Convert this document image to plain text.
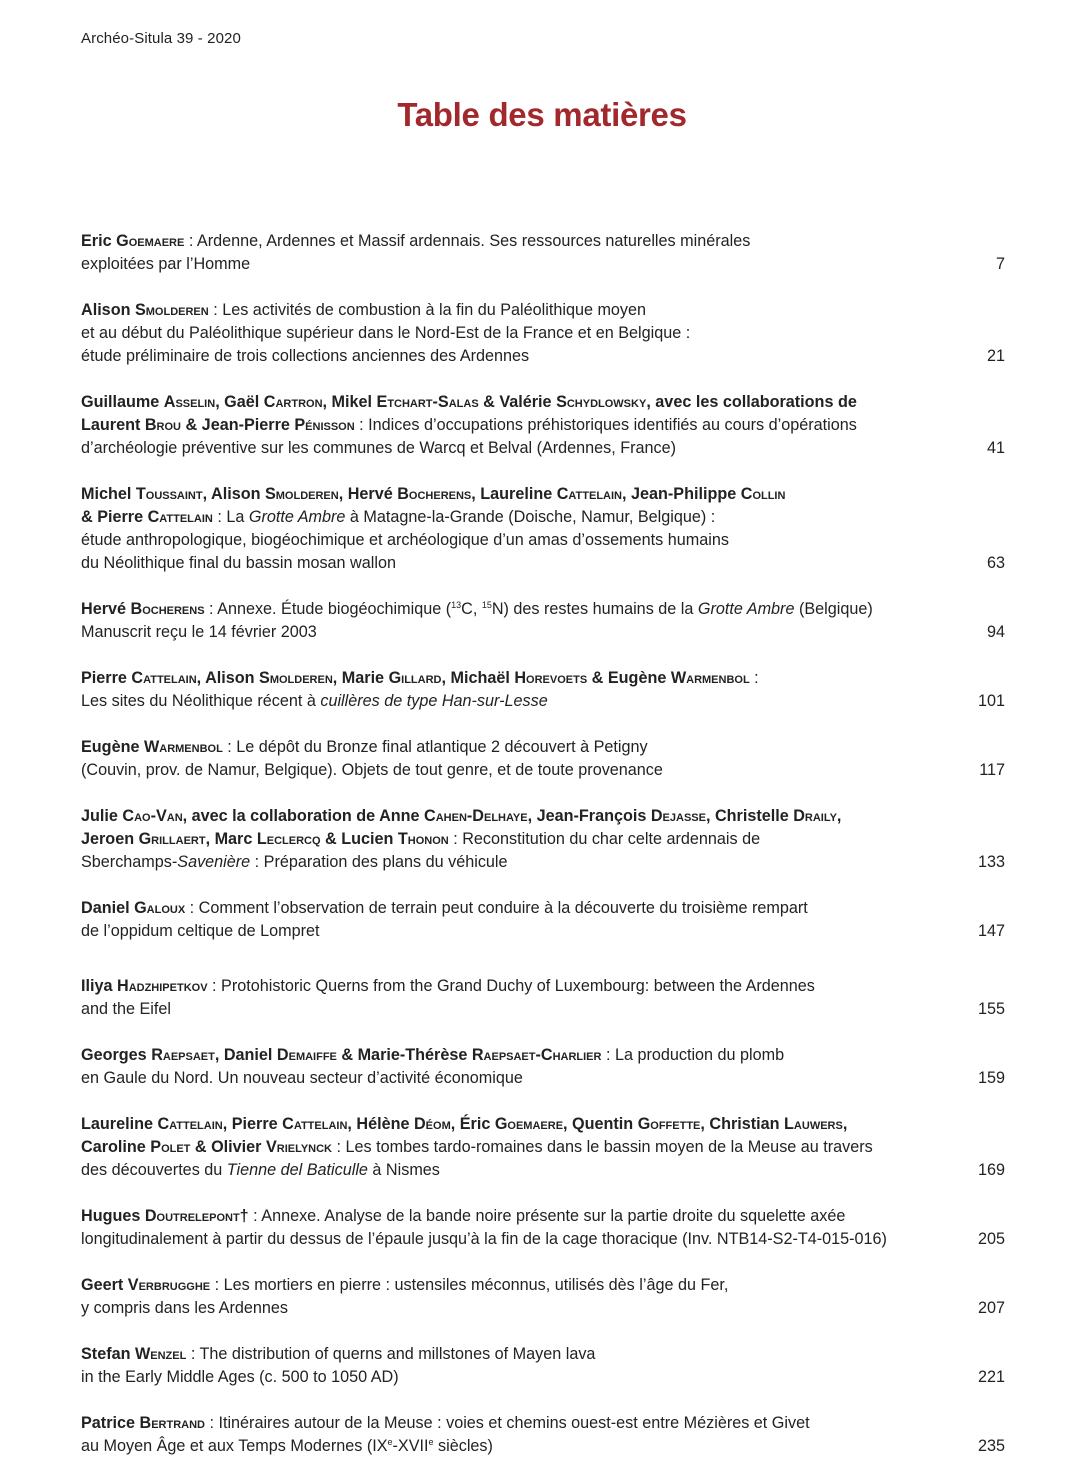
Archéo-Situla 39 - 2020
Table des matières
Eric Goemaere : Ardenne, Ardennes et Massif ardennais. Ses ressources naturelles minérales
exploitées par l’Homme	7
Alison Smolderen : Les activités de combustion à la fin du Paléolithique moyen
et au début du Paléolithique supérieur dans le Nord-Est de la France et en Belgique :
étude préliminaire de trois collections anciennes des Ardennes	21
Guillaume Asselin, Gaël Cartron, Mikel Etchart-Salas & Valérie Schydlowsky, avec les collaborations de
Laurent Brou & Jean-Pierre Pénisson : Indices d’occupations préhistoriques identifiés au cours d’opérations
d’archéologie préventive sur les communes de Warcq et Belval (Ardennes, France)	41
Michel Toussaint, Alison Smolderen, Hervé Bocherens, Laureline Cattelain, Jean-Philippe Collin
& Pierre Cattelain : La Grotte Ambre à Matagne-la-Grande (Doische, Namur, Belgique) :
étude anthropologique, biogéochimique et archéologique d’un amas d’ossements humains
du Néolithique final du bassin mosan wallon	63
Hervé Bocherens : Annexe. Étude biogéochimique ($^{13}$C, $^{15}$N) des restes humains de la Grotte Ambre (Belgique)
Manuscrit reçu le 14 février 2003	94
Pierre Cattelain, Alison Smolderen, Marie Gillard, Michaël Horevoets & Eugène Warmenbol :
Les sites du Néolithique récent à cuillères de type Han-sur-Lesse	101
Eugène Warmenbol : Le dépôt du Bronze final atlantique 2 découvert à Petigny
(Couvin, prov. de Namur, Belgique). Objets de tout genre, et de toute provenance	117
Julie Cao-Van, avec la collaboration de Anne Cahen-Delhaye, Jean-François Dejasse, Christelle Draily,
Jeroen Grillaert, Marc Leclercq & Lucien Thonon : Reconstitution du char celte ardennais de
Sberchamps-Savenière : Préparation des plans du véhicule	133
Daniel Galoux : Comment l’observation de terrain peut conduire à la découverte du troisième rempart
de l’oppidum celtique de Lompret	147
Iliya Hadzhipetkov : Protohistoric Querns from the Grand Duchy of Luxembourg: between the Ardennes
and the Eifel	155
Georges Raepsaet, Daniel Demaiffe & Marie-Thérèse Raepsaet-Charlier : La production du plomb
en Gaule du Nord. Un nouveau secteur d’activité économique	159
Laureline Cattelain, Pierre Cattelain, Hélène Déom, Éric Goemaere, Quentin Goffette, Christian Lauwers,
Caroline Polet & Olivier Vrielynck : Les tombes tardo-romaines dans le bassin moyen de la Meuse au travers
des découvertes du Tienne del Baticulle à Nismes	169
Hugues Doutrelepont† : Annexe. Analyse de la bande noire présente sur la partie droite du squelette axée
longitudinalement à partir du dessus de l’épaule jusqu’à la fin de la cage thoracique (Inv. NTB14-S2-T4-015-016)	205
Geert Verbrugghe : Les mortiers en pierre : ustensiles méconnus, utilisés dès l’âge du Fer,
y compris dans les Ardennes	207
Stefan Wenzel : The distribution of querns and millstones of Mayen lava
in the Early Middle Ages (c. 500 to 1050 AD)	221
Patrice Bertrand : Itinéraires autour de la Meuse : voies et chemins ouest-est entre Mézières et Givet
au Moyen Âge et aux Temps Modernes (IXe-XVIIe siècles)	235
